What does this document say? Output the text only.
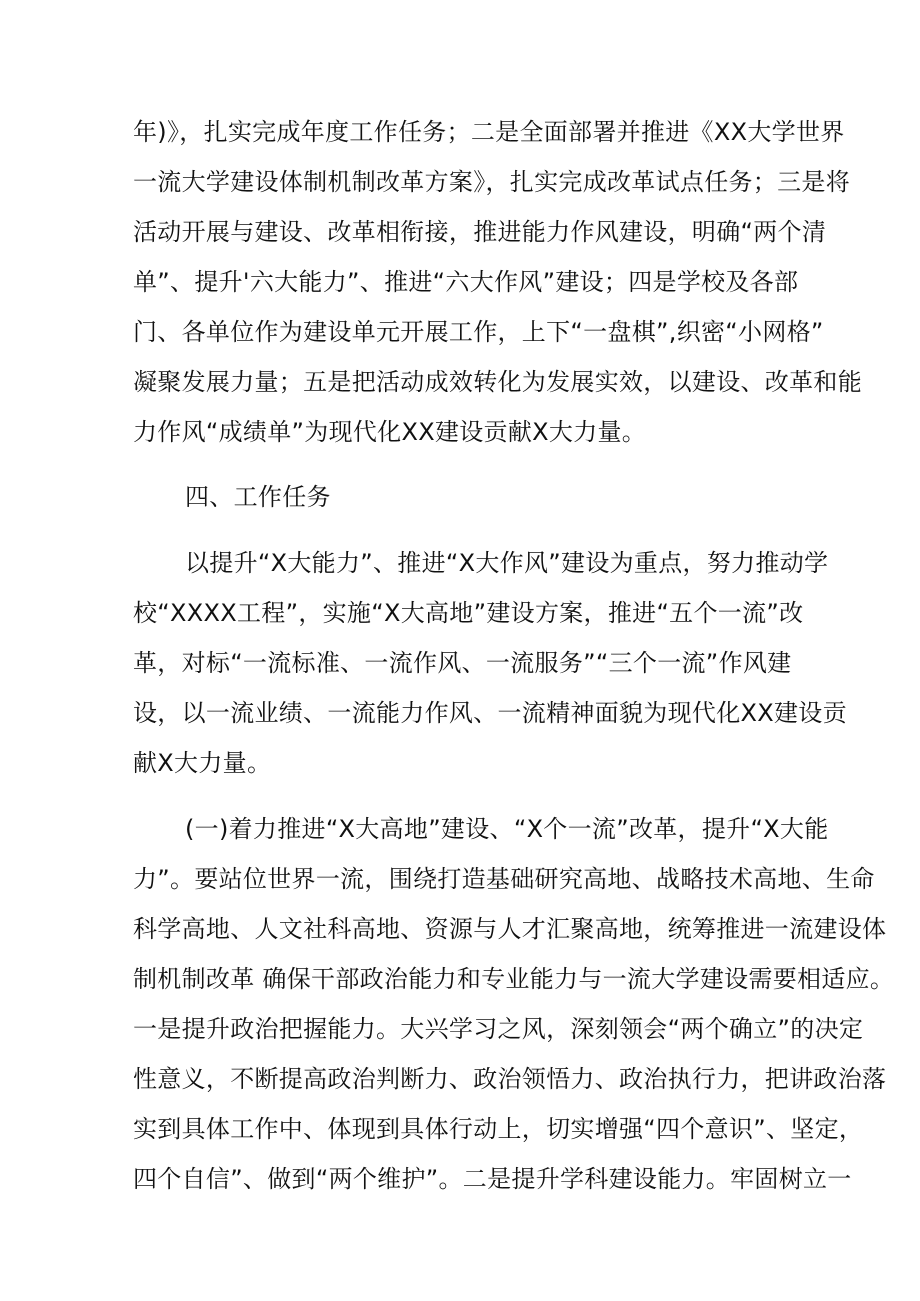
年)》，扎实完成年度工作任务；二是全面部署并推进《XX大学世界
一流大学建设体制机制改革方案》，扎实完成改革试点任务；三是将
活动开展与建设、改革相衔接，推进能力作风建设，明确“两个清
单”、提升'六大能力”、推进“六大作风”建设；四是学校及各部
门、各单位作为建设单元开展工作，上下“一盘棋”,织密“小网格”
凝聚发展力量；五是把活动成效转化为发展实效，以建设、改革和能
力作风“成绩单”为现代化XX建设贡献X大力量。
四、工作任务
以提升“X大能力”、推进“X大作风”建设为重点，努力推动学
校“XXXX工程”，实施“X大高地”建设方案，推进“五个一流”改
革，对标“一流标准、一流作风、一流服务”“三个一流”作风建
设，以一流业绩、一流能力作风、一流精神面貌为现代化XX建设贡
献X大力量。
(一)着力推进“X大高地”建设、“X个一流”改革，提升“X大能
力”。要站位世界一流，围绕打造基础研究高地、战略技术高地、生命
科学高地、人文社科高地、资源与人才汇聚高地，统筹推进一流建设体
制机制改革 确保干部政治能力和专业能力与一流大学建设需要相适应。
一是提升政治把握能力。大兴学习之风，深刻领会“两个确立”的决定
性意义，不断提高政治判断力、政治领悟力、政治执行力，把讲政治落
实到具体工作中、体现到具体行动上，切实增强“四个意识”、坚定，
四个自信”、做到“两个维护”。二是提升学科建设能力。牢固树立一
